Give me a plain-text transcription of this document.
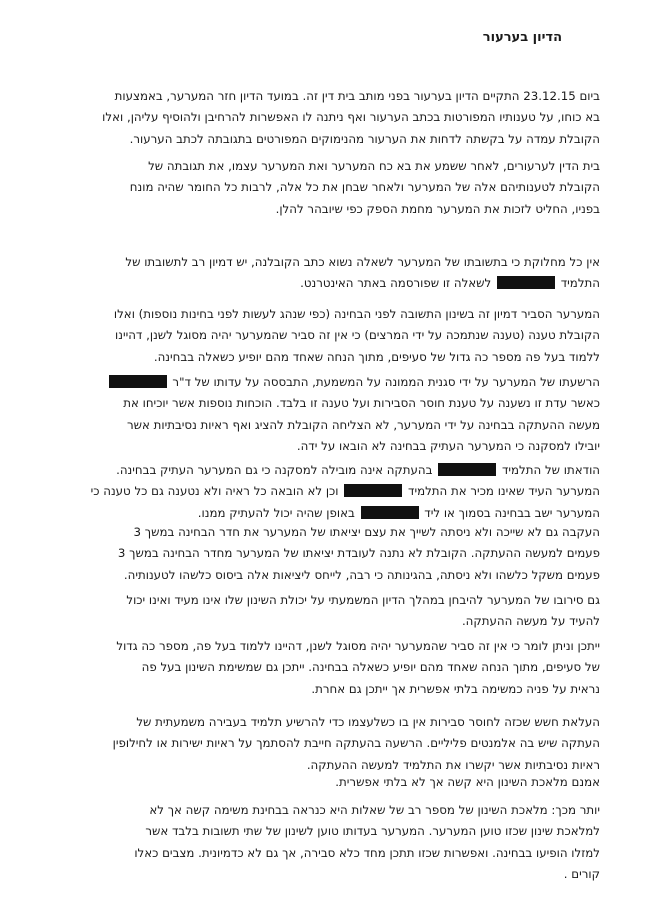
הדיון בערעור
ביום 23.12.15 התקיים הדיון בערעור בפני מותב בית דין זה. במועד הדיון חזר המערער, באמצעות
בא כוחו, על טענותיו המפורטות בכתב הערעור ואף ניתנה לו האפשרות להרחיבן ולהוסיף עליהן, ואלו
הקובלת עמדה על בקשתה לדחות את הערעור מהנימוקים המפורטים בתגובתה לכתב הערעור.
בית הדין לערעורים, לאחר ששמע את בא כח המערער ואת המערער עצמו, את תגובתה של
הקובלת לטענותיהם אלה של המערער ולאחר שבחן את כל אלה, לרבות כל החומר שהיה מונח
בפניו, החליט לזכות את המערער מחמת הספק כפי שיובהר להלן.
אין כל מחלוקת כי בתשובתו של המערער לשאלה נשוא כתב הקובלנה, יש דמיון רב לתשובתו של
התלמיד  לשאלה זו שפורסמה באתר האינטרנט.
המערער הסביר דמיון זה בשינון התשובה לפני הבחינה (כפי שנהג לעשות לפני בחינות נוספות) ואלו
הקובלת טענה (טענה שנתמכה על ידי המרצים) כי אין זה סביר שהמערער יהיה מסוגל לשנן, דהיינו
ללמוד בעל פה מספר כה גדול של סעיפים, מתוך הנחה שאחד מהם יופיע כשאלה בבחינה.
הרשעתו של המערער על ידי סגנית הממונה על המשמעת, התבססה על עדותו של ד"ר
כאשר עדת זו נשענה על טענת חוסר הסבירות ועל טענה זו בלבד. הוכחות נוספות אשר יוכיחו את
מעשה ההעתקה בבחינה על ידי המערער, לא הצליחה הקובלת להציג ואף ראיות נסיבתיות אשר
יובילו למסקנה כי המערער העתיק בבחינה לא הובאו על ידה.
הודאתו של התלמיד  בהעתקה אינה מובילה למסקנה כי גם המערער העתיק בבחינה.
המערער העיד שאינו מכיר את התלמיד  וכן לא הובאה כל ראיה ולא נטענה גם כל טענה כי
המערער ישב בבחינה בסמוך או ליד  באופן שהיה יכול להעתיק ממנו.
העקבה גם לא שייכה ולא ניסתה לשייך את עצם יציאתו של המערער את חדר הבחינה במשך 3
פעמים למעשה ההעתקה. הקובלת לא נתנה לעובדת יציאתו של המערער מחדר הבחינה במשך 3
פעמים משקל כלשהו ולא ניסתה, בהגינותה כי רבה, לייחס ליציאות אלה ביסוס כלשהו לטענותיה.
גם סירובו של המערער להיבחן במהלך הדיון המשמעתי על יכולת השינון שלו אינו מעיד ואינו יכול
להעיד על מעשה ההעתקה.
ייתכן וניתן לומר כי אין זה סביר שהמערער יהיה מסוגל לשנן, דהיינו ללמוד בעל פה, מספר כה גדול
של סעיפים, מתוך הנחה שאחד מהם יופיע כשאלה בבחינה. ייתכן גם שמשימת השינון בעל פה
נראית על פניה כמשימה בלתי אפשרית אך ייתכן גם אחרת.
העלאת חשש שכזה לחוסר סבירות אין בו כשלעצמו כדי להרשיע תלמיד בעבירה משמעתית של
העתקה שיש בה אלמנטים פליליים. הרשעה בהעתקה חייבת להסתמך על ראיות ישירות או לחילופין
ראיות נסיבתיות אשר יקשרו את התלמיד למעשה ההעתקה.
אמנם מלאכת השינון היא קשה אך לא בלתי אפשרית.
יותר מכך: מלאכת השינון של מספר רב של שאלות היא כנראה בבחינת משימה קשה אך לא
למלאכת שינון שכזו טוען המערער. המערער בעדותו טוען לשינון של שתי תשובות בלבד אשר
למזלו הופיעו בבחינה. ואפשרות שכזו תתכן מחד כלא סבירה, אך גם לא כדמיונית. מצבים כאלו
קורים .
